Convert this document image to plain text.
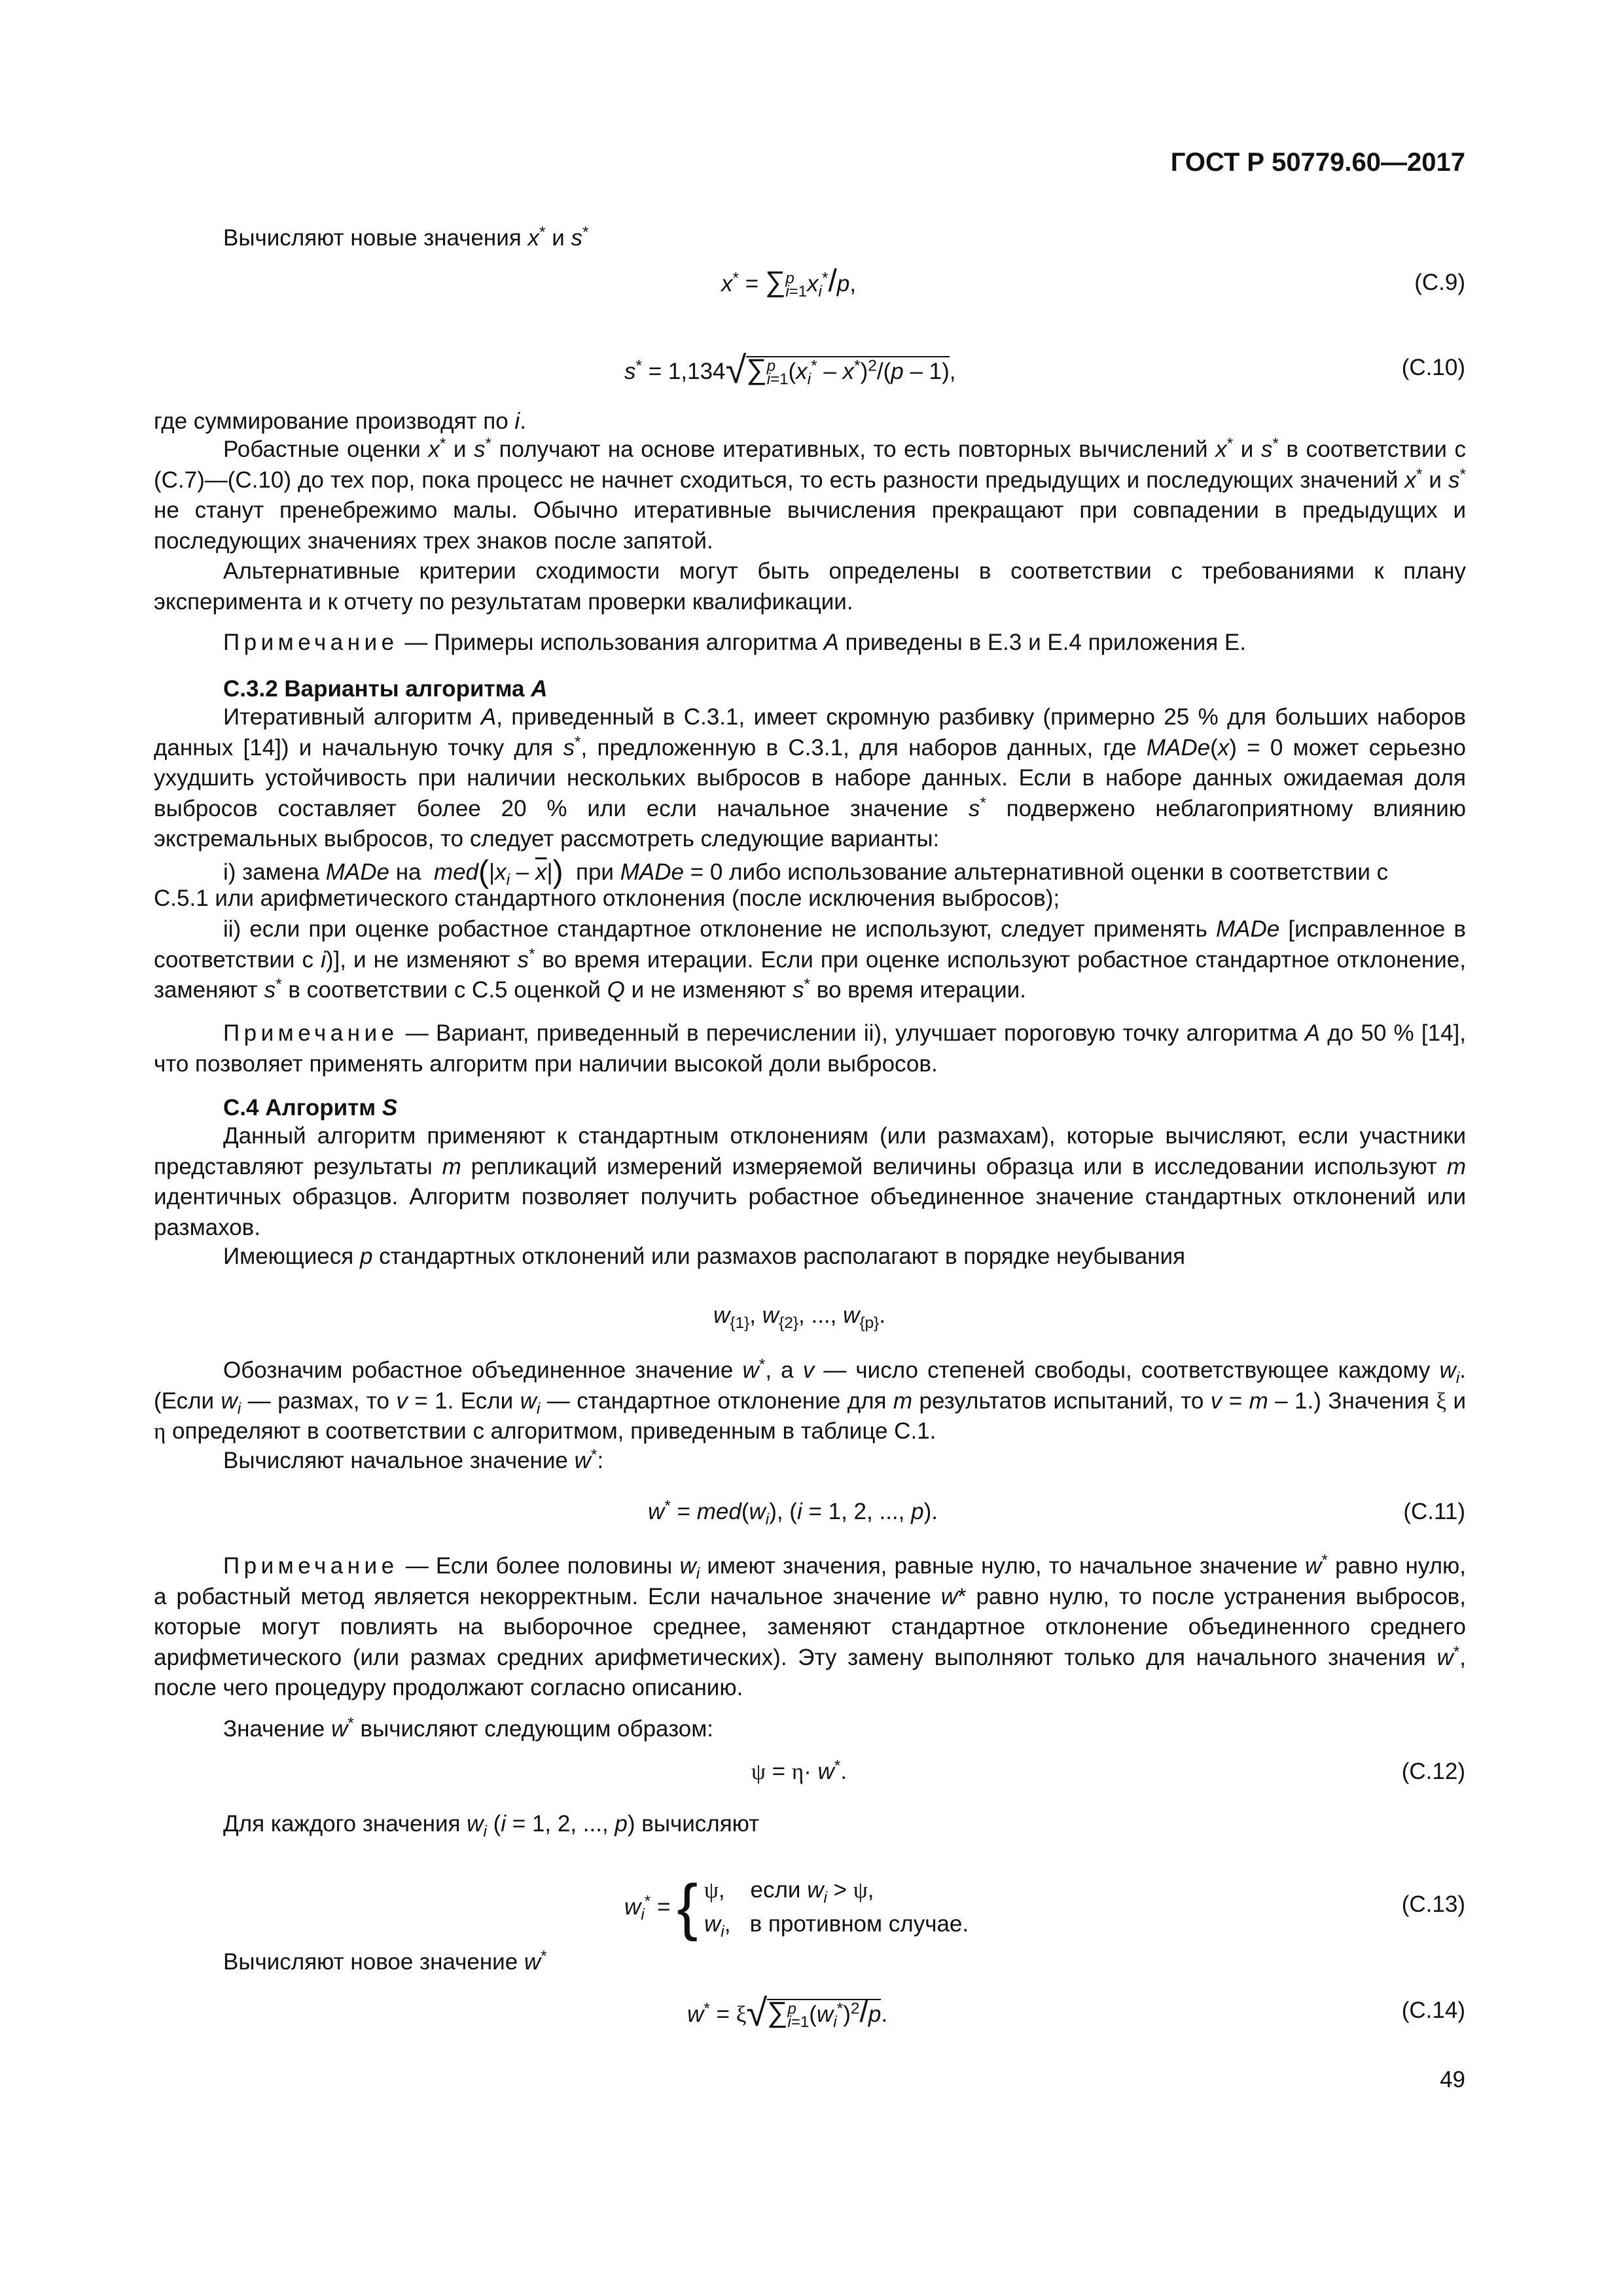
ГОСТ Р 50779.60—2017
Вычисляют новые значения x* и s*
x* = ∑p
$i=1x_i^*/p$,	(С.9)
s* = 1,134√∑p
$i=1(x_i^* - x^*)^2/(p - 1)$,	(С.10)
где суммирование производят по i.
Робастные оценки x* и s* получают на основе итеративных, то есть повторных вычислений x* и s* в соответствии с (С.7)—(С.10) до тех пор, пока процесс не начнет сходиться, то есть разности предыдущих и последующих значений x* и s* не станут пренебрежимо малы. Обычно итеративные вычисления прекращают при совпадении в предыдущих и последующих значениях трех знаков после запятой.
Альтернативные критерии сходимости могут быть определены в соответствии с требованиями к плану эксперимента и к отчету по результатам проверки квалификации.
Примечание — Примеры использования алгоритма A приведены в Е.3 и Е.4 приложения Е.
С.3.2 Варианты алгоритма A
Итеративный алгоритм A, приведенный в С.3.1, имеет скромную разбивку (примерно 25 % для больших наборов данных [14]) и начальную точку для s*, предложенную в С.3.1, для наборов данных, где MADe(x) = 0 может серьезно ухудшить устойчивость при наличии нескольких выбросов в наборе данных. Если в наборе данных ожидаемая доля выбросов составляет более 20 % или если начальное значение s* подвержено неблагоприятному влиянию экстремальных выбросов, то следует рассмотреть следующие варианты:
i) замена MADe на  $med(|x_i - \overline{x}|)$  при MADe = 0 либо использование альтернативной оценки в соответствии с
С.5.1 или арифметического стандартного отклонения (после исключения выбросов);
ii) если при оценке робастное стандартное отклонение не используют, следует применять MADe [исправленное в соответствии с i)], и не изменяют s* во время итерации. Если при оценке используют робастное стандартное отклонение, заменяют s* в соответствии с С.5 оценкой Q и не изменяют s* во время итерации.
Примечание — Вариант, приведенный в перечислении ii), улучшает пороговую точку алгоритма A до 50 % [14], что позволяет применять алгоритм при наличии высокой доли выбросов.
С.4 Алгоритм S
Данный алгоритм применяют к стандартным отклонениям (или размахам), которые вычисляют, если участники представляют результаты m репликаций измерений измеряемой величины образца или в исследовании используют m идентичных образцов. Алгоритм позволяет получить робастное объединенное значение стандартных отклонений или размахов.
Имеющиеся p стандартных отклонений или размахов располагают в порядке неубывания
$w_{\{1\}}$, $w_{\{2\}}$, ..., $w_{\{p\}}$.
Обозначим робастное объединенное значение w*, а v — число степеней свободы, соответствующее каждому $w_i$. (Если $w_i$ — размах, то v = 1. Если $w_i$ — стандартное отклонение для m результатов испытаний, то v = m – 1.) Значения ξ и η определяют в соответствии с алгоритмом, приведенным в таблице С.1.
Вычисляют начальное значение w*:
$w^* = med(w_i)$, (i = 1, 2, ..., p).	(С.11)
Примечание — Если более половины $w_i$ имеют значения, равные нулю, то начальное значение w* равно нулю, а робастный метод является некорректным. Если начальное значение w* равно нулю, то после устранения выбросов, которые могут повлиять на выборочное среднее, заменяют стандартное отклонение объединенного среднего арифметического (или размах средних арифметических). Эту замену выполняют только для начального значения w*, после чего процедуру продолжают согласно описанию.
Значение w* вычисляют следующим образом:
ψ = η· w*.	(С.12)
Для каждого значения $w_i$ (i = 1, 2, ..., p) вычисляют
$w_i^*$ = { ψ,    если $w_i > \psi$,
$w_i$,   в противном случае.
(С.13)
Вычисляют новое значение w*
w* = ξ√∑p
$i=1(w_i^*)^2/p$.	(С.14)
49
